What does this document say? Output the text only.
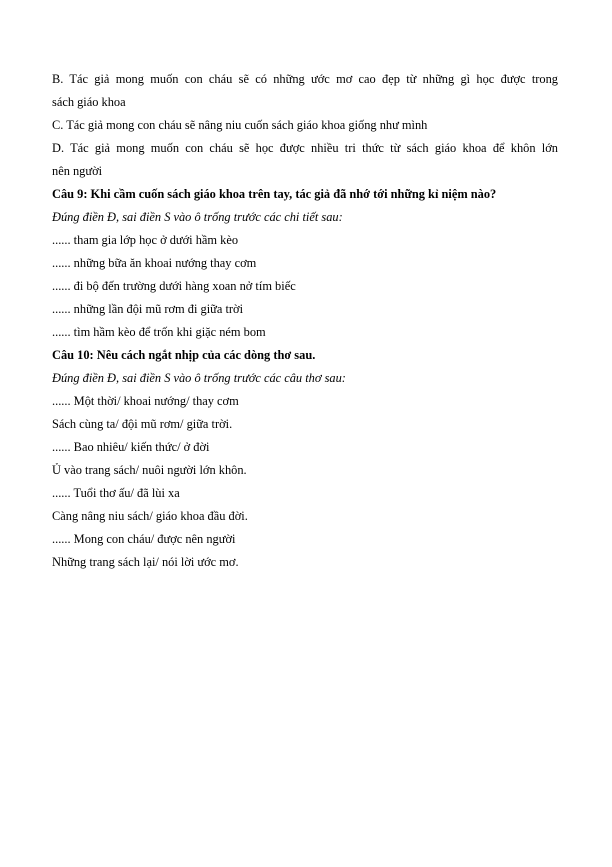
B. Tác giả mong muốn con cháu sẽ có những ước mơ cao đẹp từ những gì học được trong
sách giáo khoa
C. Tác giả mong con cháu sẽ nâng niu cuốn sách giáo khoa giống như mình
D. Tác giả mong muốn con cháu sẽ học được nhiều tri thức từ sách giáo khoa để khôn lớn
nên người
Câu 9: Khi cầm cuốn sách giáo khoa trên tay, tác giả đã nhớ tới những kỉ niệm nào?
Đúng điền Đ, sai điền S vào ô trống trước các chi tiết sau:
...... tham gia lớp học ở dưới hầm kèo
...... những bữa ăn khoai nướng thay cơm
...... đi bộ đến trường dưới hàng xoan nở tím biếc
...... những lần đội mũ rơm đi giữa trời
...... tìm hầm kèo để trốn khi giặc ném bom
Câu 10: Nêu cách ngắt nhịp của các dòng thơ sau.
Đúng điền Đ, sai điền S vào ô trống trước các câu thơ sau:
...... Một thời/ khoai nướng/ thay cơm
Sách cùng ta/ đội mũ rơm/ giữa trời.
...... Bao nhiêu/ kiến thức/ ở đời
Ủ vào trang sách/ nuôi người lớn khôn.
...... Tuổi thơ ấu/ đã lùi xa
Càng nâng niu sách/ giáo khoa đầu đời.
...... Mong con cháu/ được nên người
Những trang sách lại/ nói lời ước mơ.
